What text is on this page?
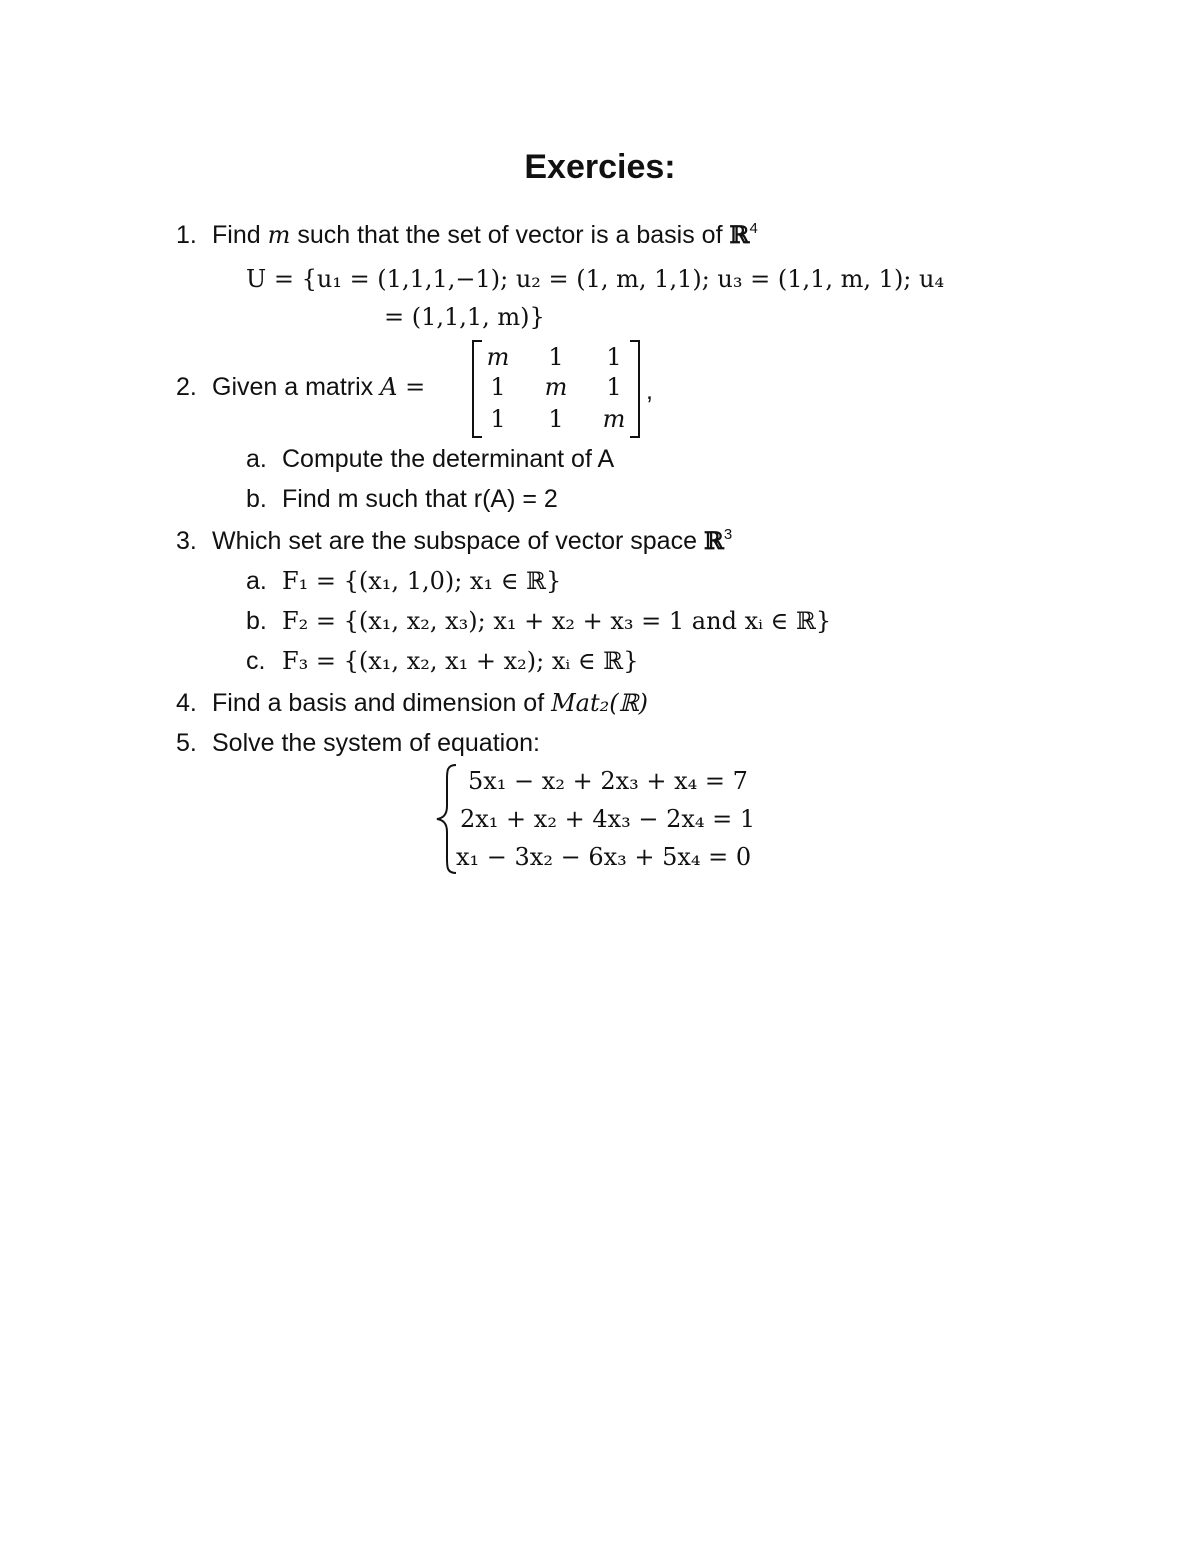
Exercies:
1. Find m such that the set of vector is a basis of ℝ$^4$
U = {u₁ = (1,1,1,−1); u₂ = (1, m, 1,1); u₃ = (1,1, m, 1); u₄
= (1,1,1, m)}
2. Given a matrix A =
m	1	1
1	m	1
1	1	m
,
a. Compute the determinant of A
b. Find m such that r(A) = 2
3. Which set are the subspace of vector space ℝ$^3$
a. F₁ = {(x₁, 1,0); x₁ ∈ ℝ}
b. F₂ = {(x₁, x₂, x₃); x₁ + x₂ + x₃ = 1 and xᵢ ∈ ℝ}
c. F₃ = {(x₁, x₂, x₁ + x₂); xᵢ ∈ ℝ}
4. Find a basis and dimension of Mat₂(ℝ)
5. Solve the system of equation:
5x₁ − x₂ + 2x₃ + x₄ = 7
2x₁ + x₂ + 4x₃ − 2x₄ = 1
x₁ − 3x₂ − 6x₃ + 5x₄ = 0
